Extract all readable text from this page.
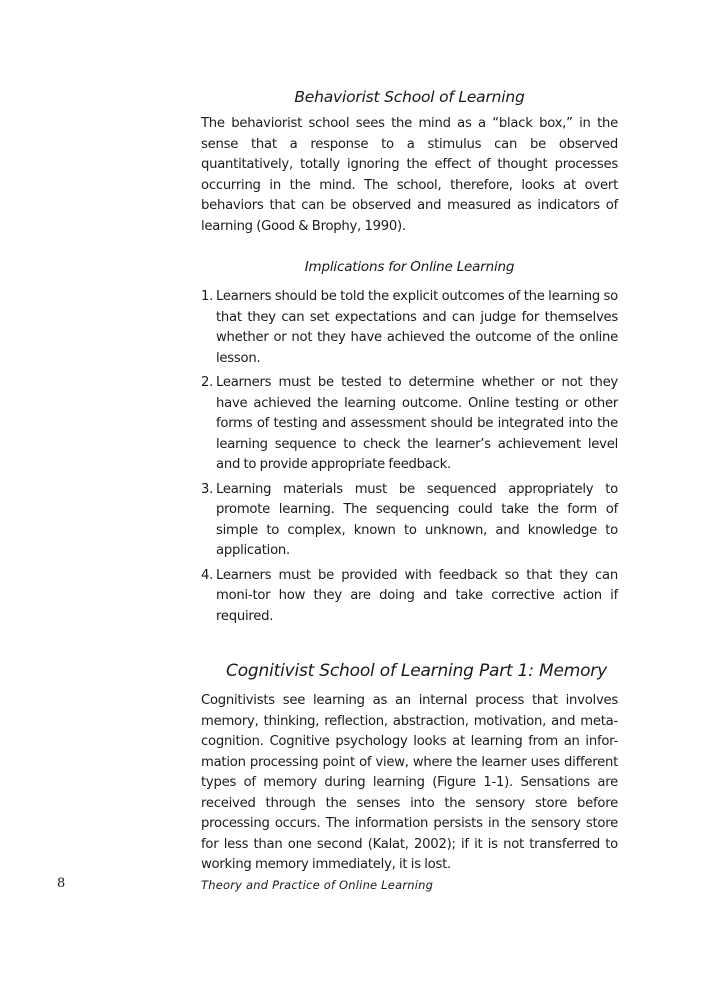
Behaviorist School of Learning

The behaviorist school sees the mind as a “black box,” in the sense that a response to a stimulus can be observed quantitatively, totally ignoring the effect of thought processes occurring in the mind. The school, therefore, looks at overt behaviors that can be observed and measured as indicators of learning (Good & Brophy, 1990).

Implications for Online Learning
1. Learners should be told the explicit outcomes of the learning so that they can set expectations and can judge for themselves whether or not they have achieved the outcome of the online lesson.
2. Learners must be tested to determine whether or not they have achieved the learning outcome. Online testing or other forms of testing and assessment should be integrated into the learning sequence to check the learner’s achievement level and to provide appropriate feedback.
3. Learning materials must be sequenced appropriately to promote learning. The sequencing could take the form of simple to complex, known to unknown, and knowledge to application.
4. Learners must be provided with feedback so that they can moni-tor how they are doing and take corrective action if required.
Cognitivist School of Learning Part 1: Memory

Cognitivists see learning as an internal process that involves memory, thinking, reflection, abstraction, motivation, and meta-cognition. Cognitive psychology looks at learning from an infor-mation processing point of view, where the learner uses different types of memory during learning (Figure 1-1). Sensations are received through the senses into the sensory store before processing occurs. The information persists in the sensory store for less than one second (Kalat, 2002); if it is not transferred to working memory immediately, it is lost.

8	Theory and Practice of Online Learning
